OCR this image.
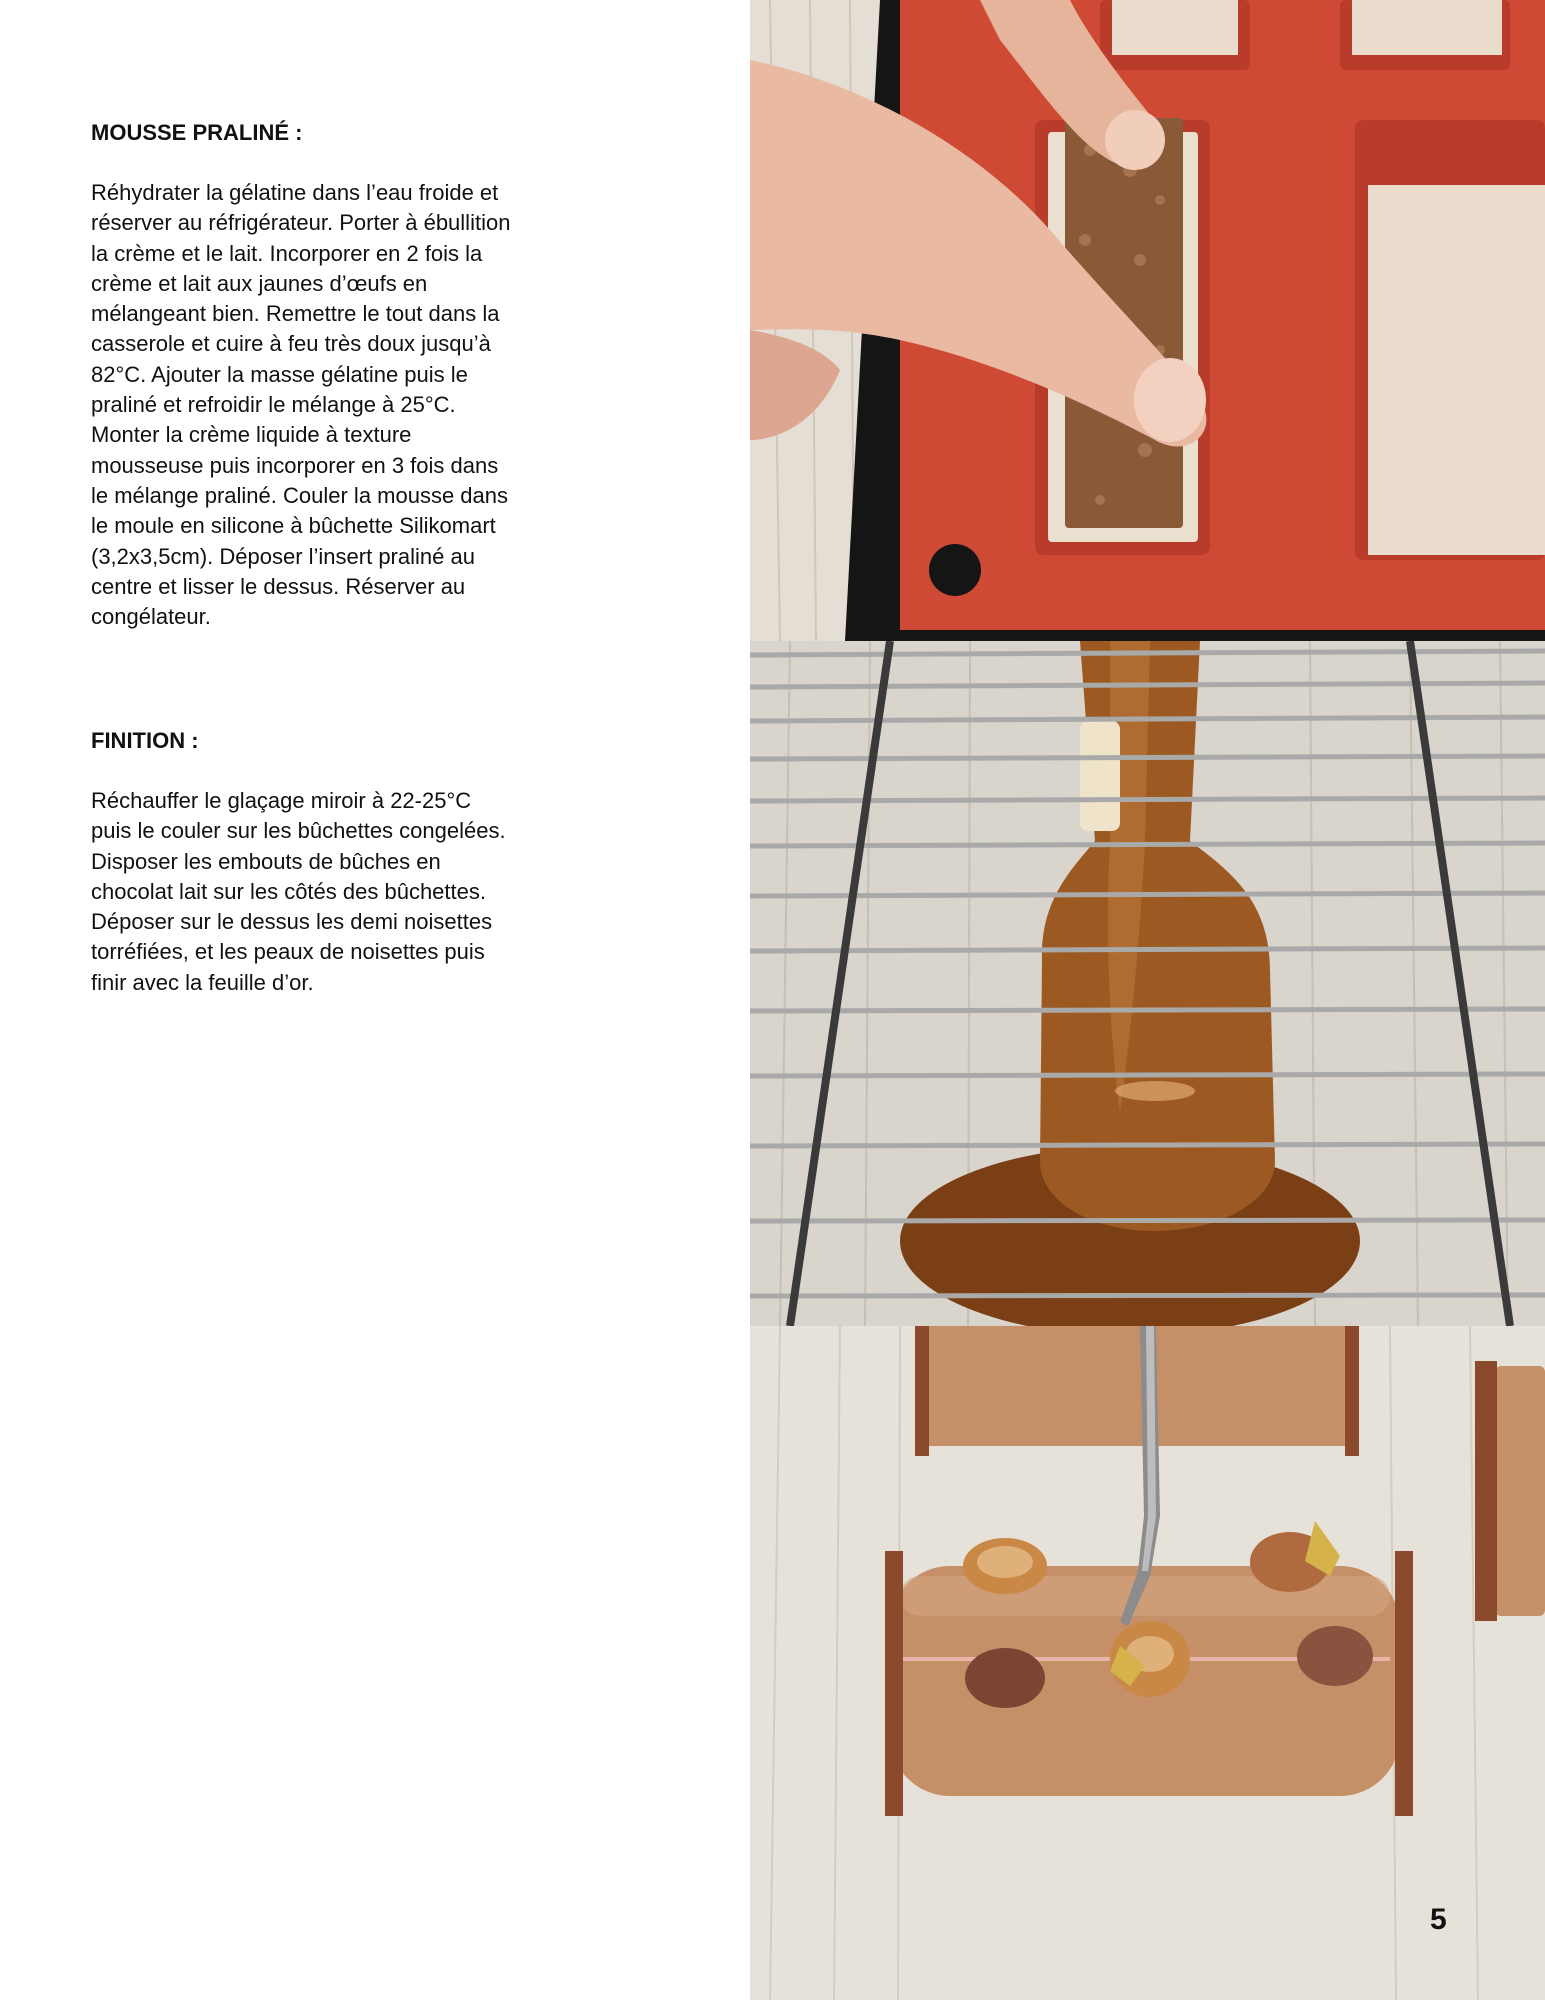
MOUSSE PRALINÉ :

Réhydrater la gélatine dans l’eau froide et
réserver au réfrigérateur. Porter à ébullition
la crème et le lait. Incorporer en 2 fois la
crème et lait aux jaunes d’œufs en
mélangeant bien. Remettre le tout dans la
casserole et cuire à feu très doux jusqu’à
82°C. Ajouter la masse gélatine puis le
praliné et refroidir le mélange à 25°C.
Monter la crème liquide à texture
mousseuse puis incorporer en 3 fois dans
le mélange praliné. Couler la mousse dans
le moule en silicone à bûchette Silikomart
(3,2x3,5cm). Déposer l’insert praliné au
centre et lisser le dessus. Réserver au
congélateur.

FINITION :

Réchauffer le glaçage miroir à 22-25°C
puis le couler sur les bûchettes congelées.
Disposer les embouts de bûches en
chocolat lait sur les côtés des bûchettes.
Déposer sur le dessus les demi noisettes
torréfiées, et les peaux de noisettes puis
finir avec la feuille d’or.

5
